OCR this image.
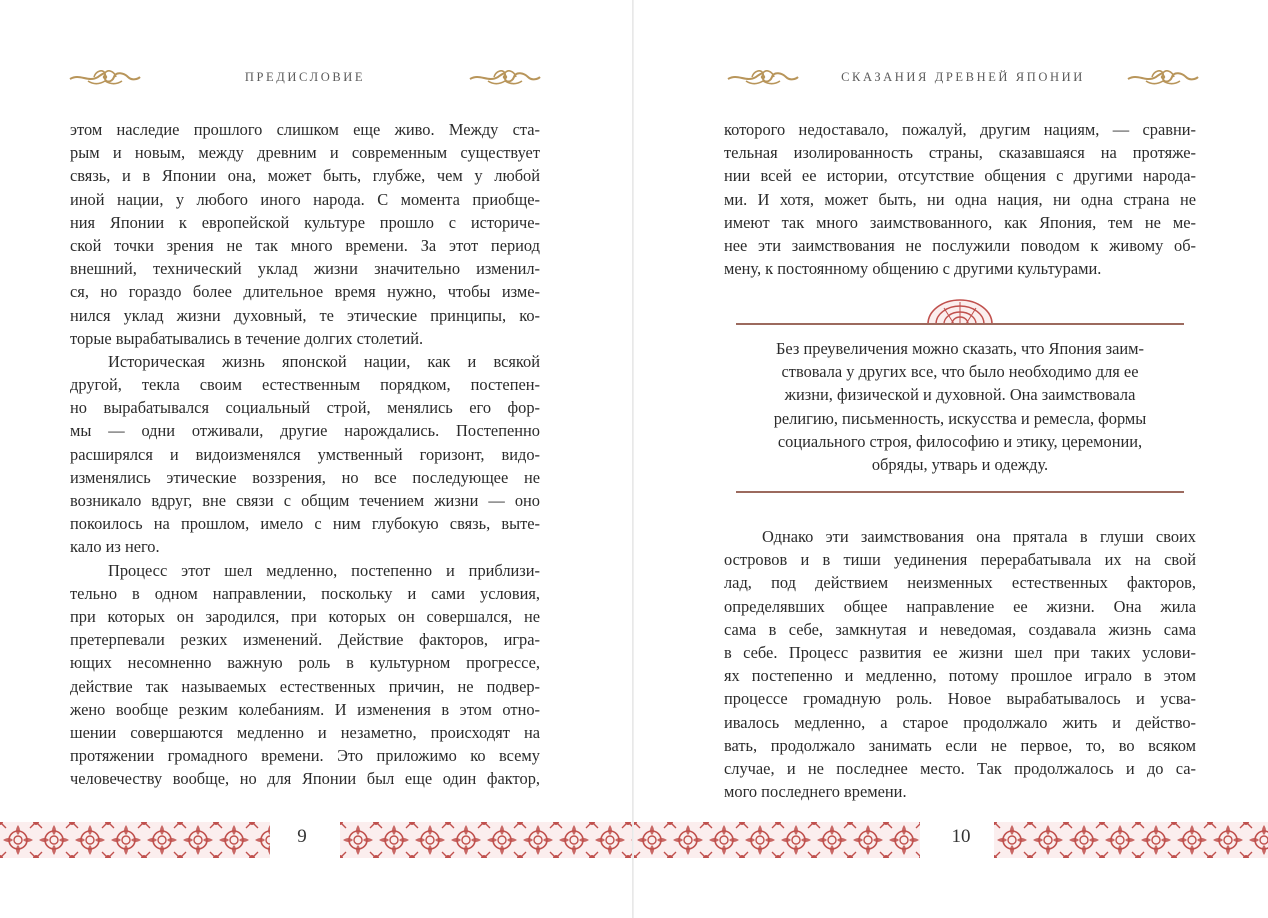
ПРЕДИСЛОВИЕ
этом наследие прошлого слишком еще живо. Между ста-
рым и новым, между древним и современным существует
связь, и в Японии она, может быть, глубже, чем у любой
иной нации, у любого иного народа. С момента приобще-
ния Японии к европейской культуре прошло с историче-
ской точки зрения не так много времени. За этот период
внешний, технический уклад жизни значительно изменил-
ся, но гораздо более длительное время нужно, чтобы изме-
нился уклад жизни духовный, те этические принципы, ко-
торые вырабатывались в течение долгих столетий.
Историческая жизнь японской нации, как и всякой
другой, текла своим естественным порядком, постепен-
но вырабатывался социальный строй, менялись его фор-
мы — одни отживали, другие нарождались. Постепенно
расширялся и видоизменялся умственный горизонт, видо-
изменялись этические воззрения, но все последующее не
возникало вдруг, вне связи с общим течением жизни — оно
покоилось на прошлом, имело с ним глубокую связь, выте-
кало из него.
Процесс этот шел медленно, постепенно и приблизи-
тельно в одном направлении, поскольку и сами условия,
при которых он зародился, при которых он совершался, не
претерпевали резких изменений. Действие факторов, игра-
ющих несомненно важную роль в культурном прогрессе,
действие так называемых естественных причин, не подвер-
жено вообще резким колебаниям. И изменения в этом отно-
шении совершаются медленно и незаметно, происходят на
протяжении громадного времени. Это приложимо ко всему
человечеству вообще, но для Японии был еще один фактор,
9
СКАЗАНИЯ ДРЕВНЕЙ ЯПОНИИ
которого недоставало, пожалуй, другим нациям, — сравни-
тельная изолированность страны, сказавшаяся на протяже-
нии всей ее истории, отсутствие общения с другими народа-
ми. И хотя, может быть, ни одна нация, ни одна страна не
имеют так много заимствованного, как Япония, тем не ме-
нее эти заимствования не послужили поводом к живому об-
мену, к постоянному общению с другими культурами.
Без преувеличения можно сказать, что Япония заим-
ствовала у других все, что было необходимо для ее
жизни, физической и духовной. Она заимствовала
религию, письменность, искусства и ремесла, формы
социального строя, философию и этику, церемонии,
обряды, утварь и одежду.
Однако эти заимствования она прятала в глуши своих
островов и в тиши уединения перерабатывала их на свой
лад, под действием неизменных естественных факторов,
определявших общее направление ее жизни. Она жила
сама в себе, замкнутая и неведомая, создавала жизнь сама
в себе. Процесс развития ее жизни шел при таких услови-
ях постепенно и медленно, потому прошлое играло в этом
процессе громадную роль. Новое вырабатывалось и усва-
ивалось медленно, а старое продолжало жить и действо-
вать, продолжало занимать если не первое, то, во всяком
случае, и не последнее место. Так продолжалось и до са-
мого последнего времени.
10
